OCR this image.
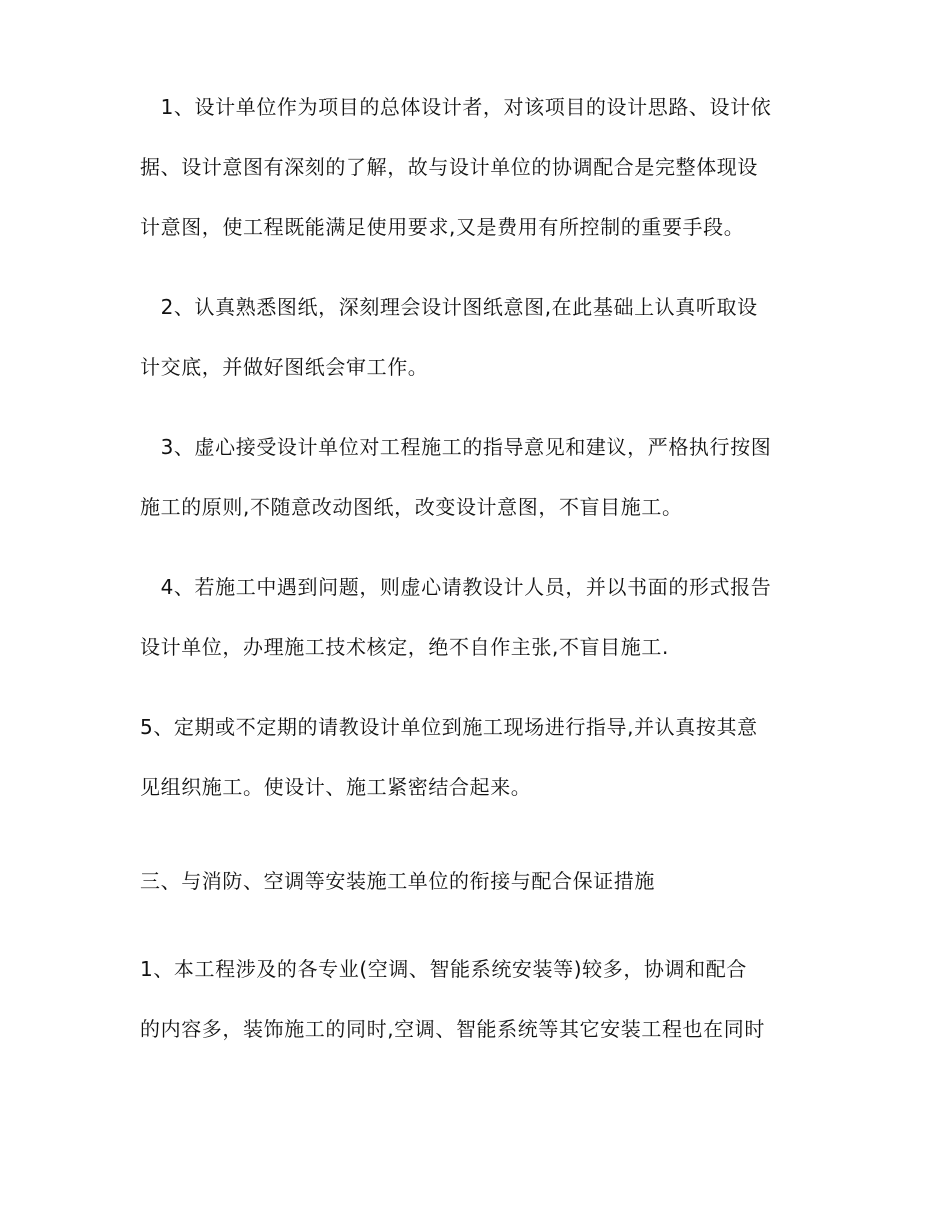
　1、设计单位作为项目的总体设计者，对该项目的设计思路、设计依
据、设计意图有深刻的了解，故与设计单位的协调配合是完整体现设
计意图，使工程既能满足使用要求,又是费用有所控制的重要手段。
　2、认真熟悉图纸，深刻理会设计图纸意图,在此基础上认真听取设
计交底，并做好图纸会审工作。
　3、虚心接受设计单位对工程施工的指导意见和建议，严格执行按图
施工的原则,不随意改动图纸，改变设计意图，不盲目施工。
　4、若施工中遇到问题，则虚心请教设计人员，并以书面的形式报告
设计单位，办理施工技术核定，绝不自作主张,不盲目施工.
5、定期或不定期的请教设计单位到施工现场进行指导,并认真按其意
见组织施工。使设计、施工紧密结合起来。
三、与消防、空调等安装施工单位的衔接与配合保证措施
1、本工程涉及的各专业(空调、智能系统安装等)较多，协调和配合
的内容多，装饰施工的同时,空调、智能系统等其它安装工程也在同时
